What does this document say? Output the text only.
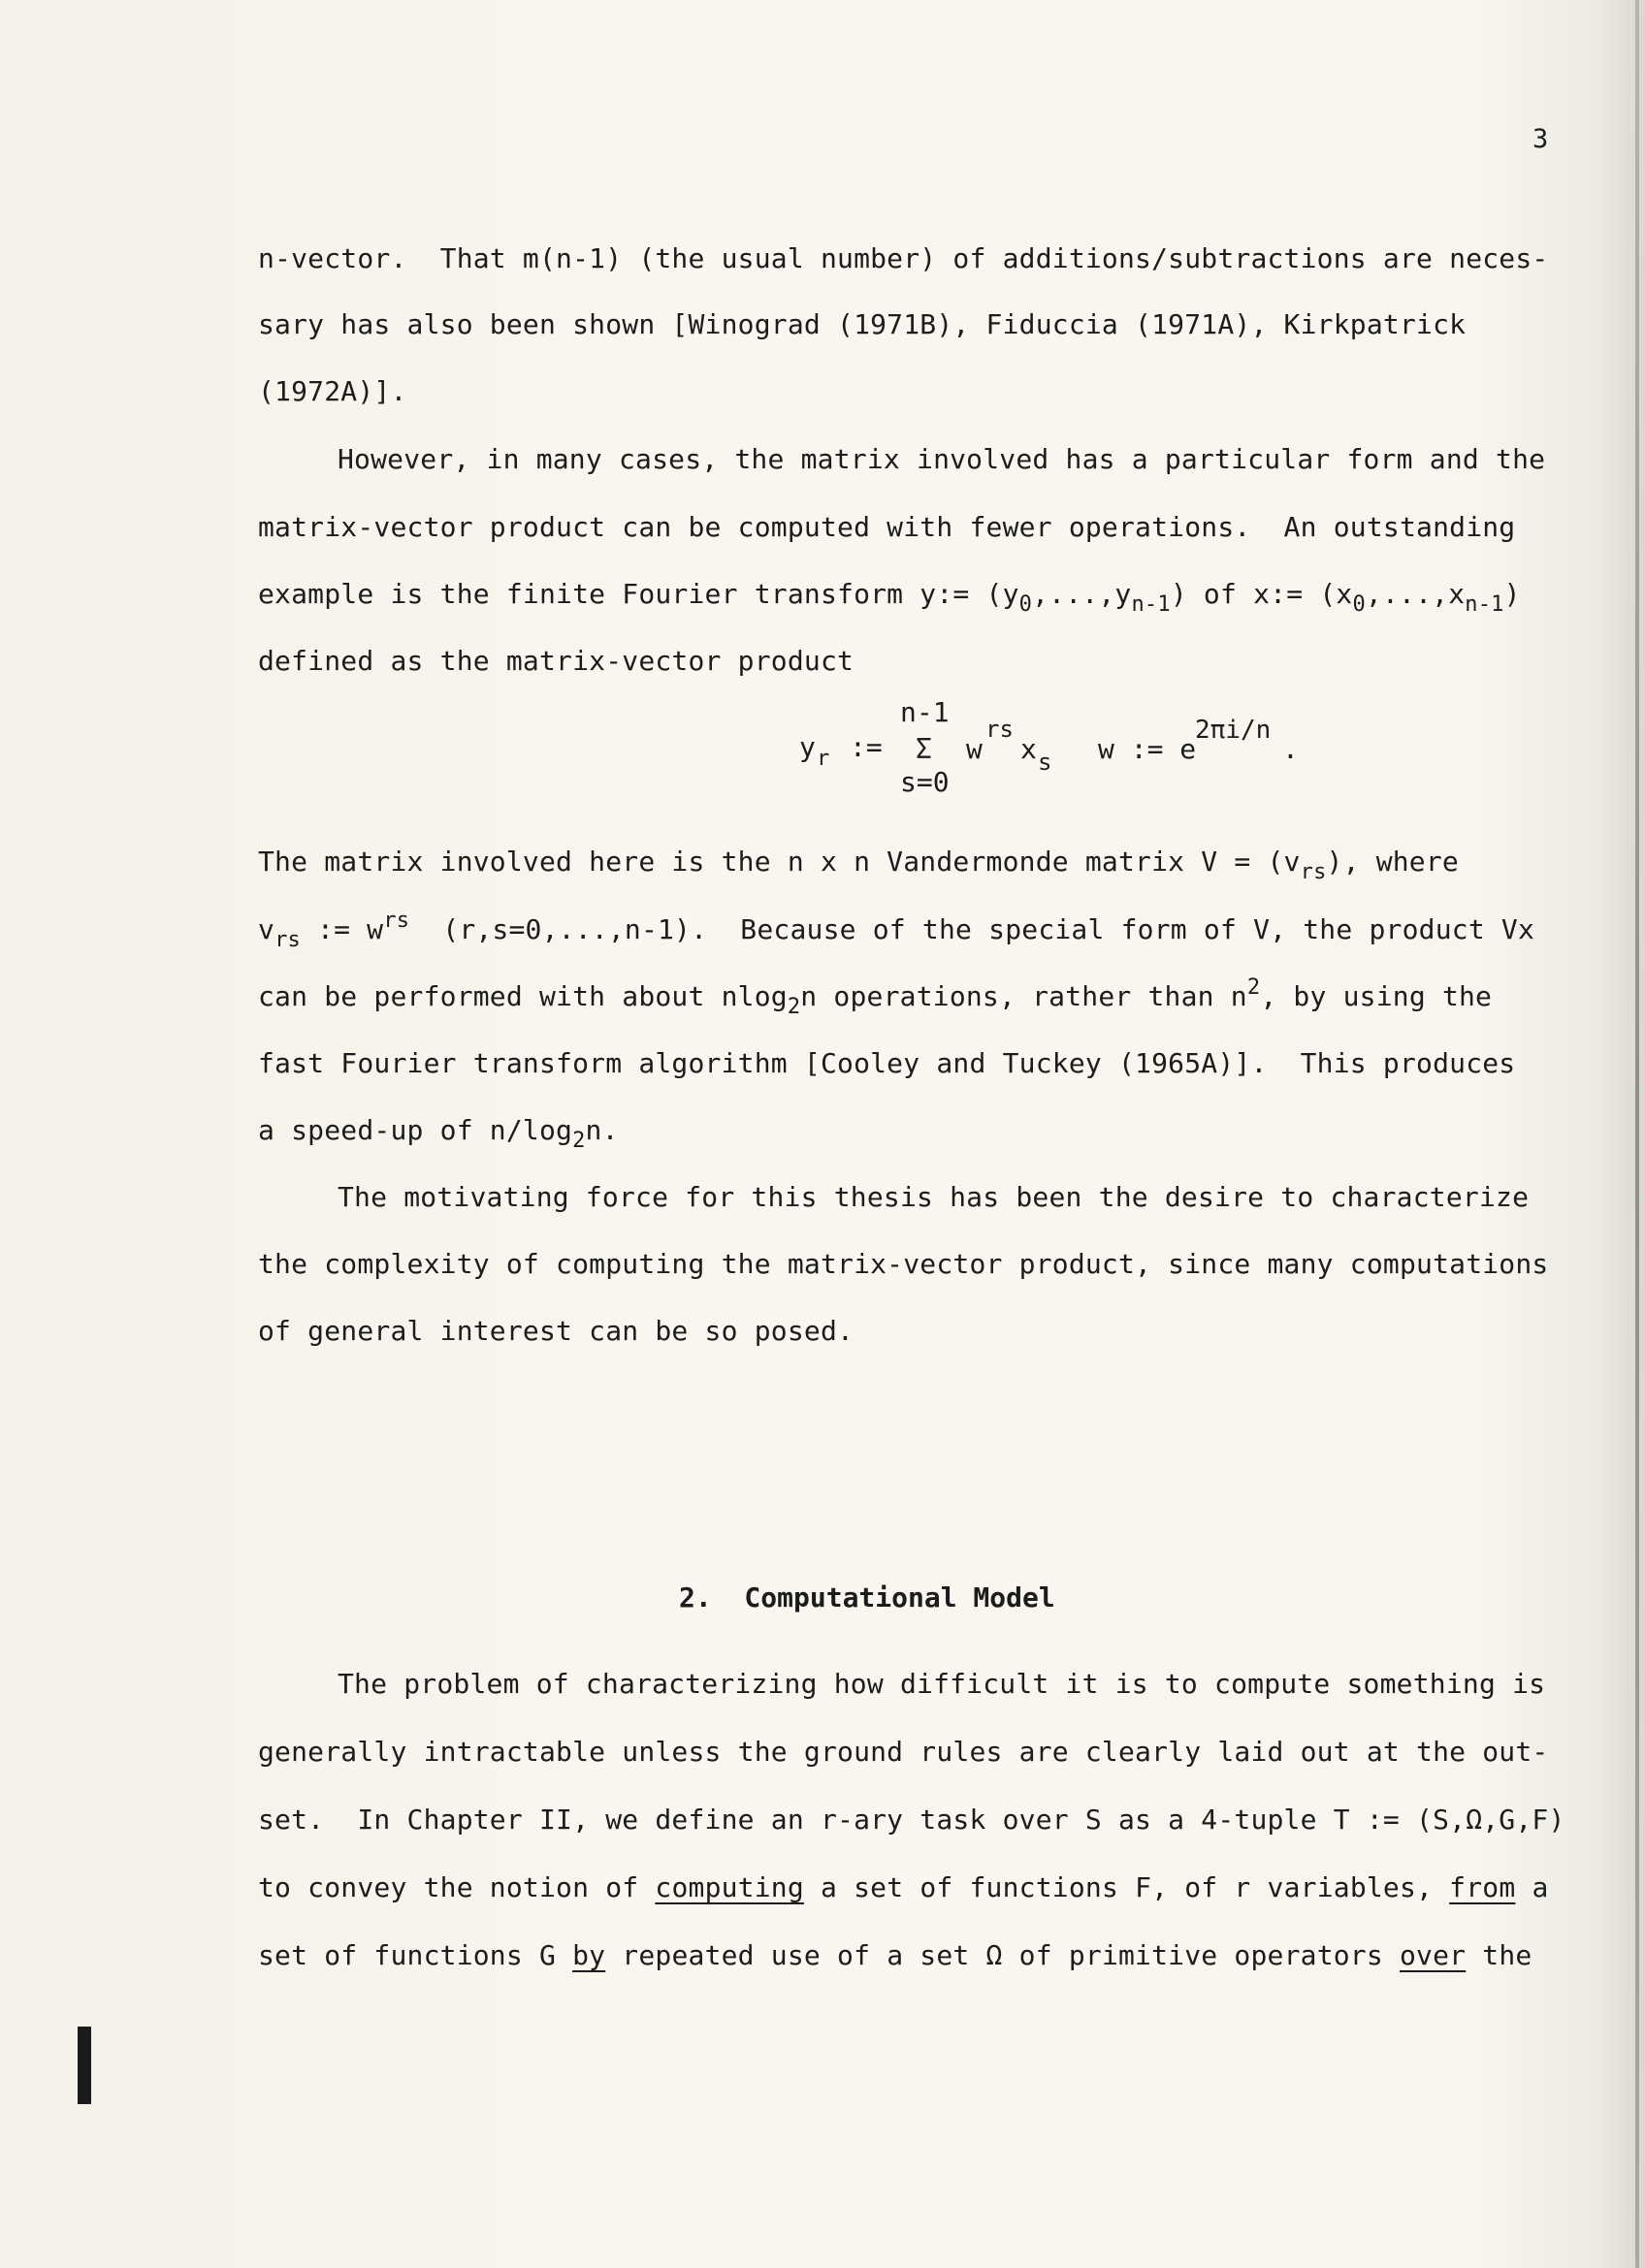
3
n-vector.  That m(n-1) (the usual number) of additions/subtractions are neces-
sary has also been shown [Winograd (1971B), Fiduccia (1971A), Kirkpatrick
(1972A)].
However, in many cases, the matrix involved has a particular form and the
matrix-vector product can be computed with fewer operations.  An outstanding
example is the finite Fourier transform y:= $(y_0,...,y_{n-1})$ of x:= $(x_0,...,x_{n-1})$
defined as the matrix-vector product
n-1
y r := Σ
s=0
w
rs
x s w := e
2πi/n
.
The matrix involved here is the n x n Vandermonde matrix $V = (v_{rs})$, where
$v_{rs}$ := $w^{rs}$  (r,s=0,...,n-1).  Because of the special form of V, the product Vx
can be performed with about nlog$_2$n operations, rather than $n^2$, by using the
fast Fourier transform algorithm [Cooley and Tuckey (1965A)].  This produces
a speed-up of $n/\log_2n$.
The motivating force for this thesis has been the desire to characterize
the complexity of computing the matrix-vector product, since many computations
of general interest can be so posed.
2.  Computational Model
The problem of characterizing how difficult it is to compute something is
generally intractable unless the ground rules are clearly laid out at the out-
set.  In Chapter II, we define an r-ary task over S as a 4-tuple T := (S,Ω,G,F)
to convey the notion of computing a set of functions F, of r variables, from a
set of functions G by repeated use of a set Ω of primitive operators over the
